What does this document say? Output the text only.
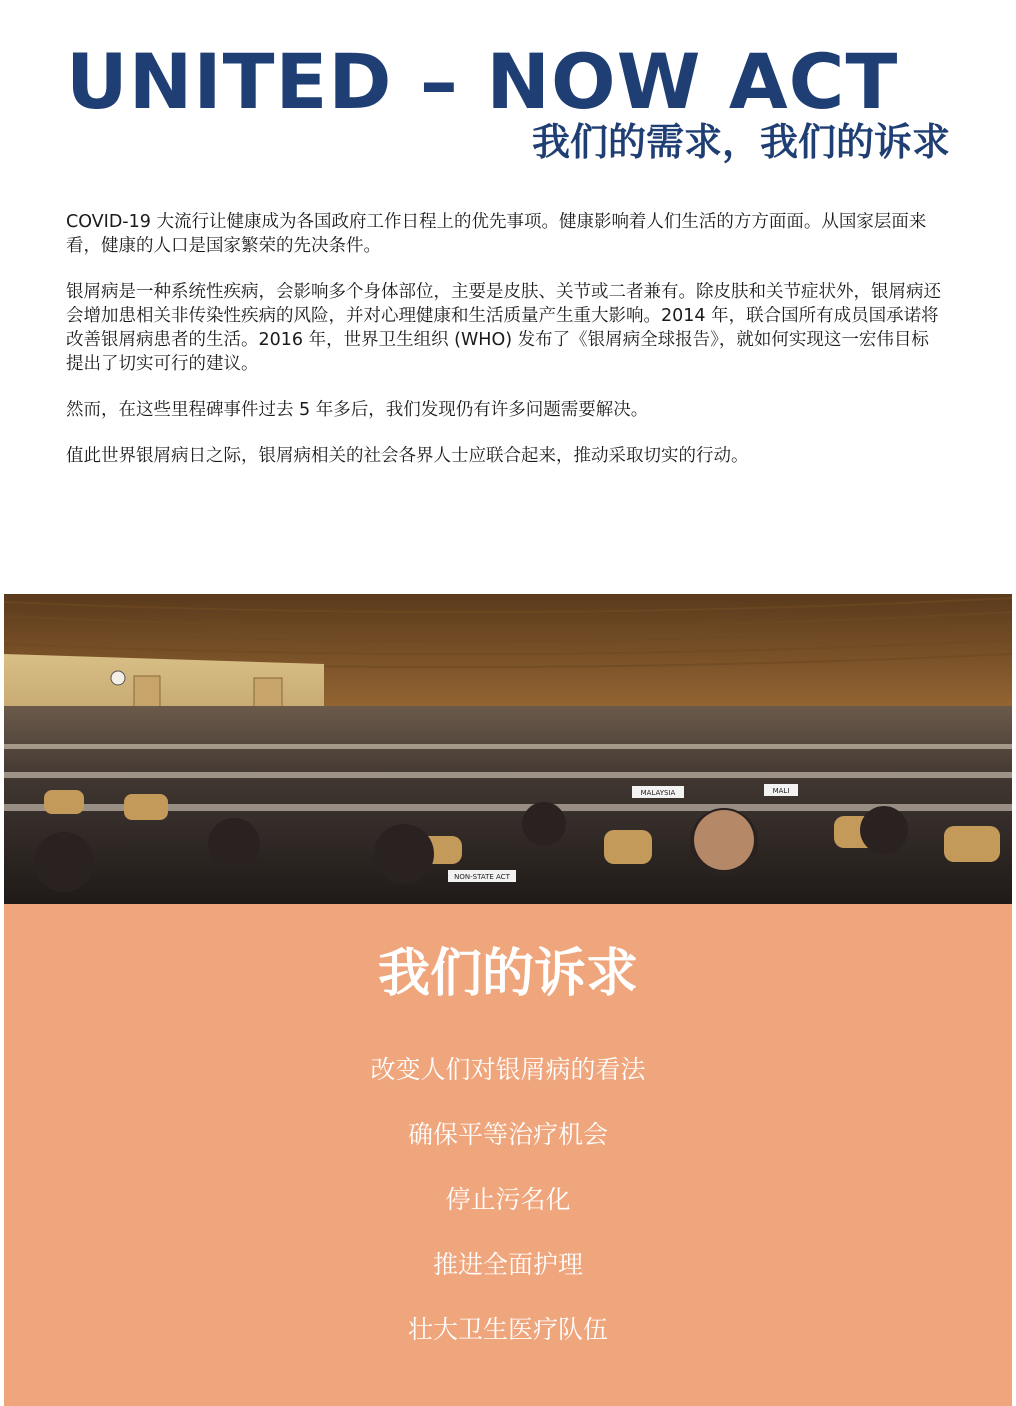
UNITED – NOW ACT
我们的需求，我们的诉求

COVID-19 大流行让健康成为各国政府工作日程上的优先事项。健康影响着人们生活的方方面面。从国家层面来看，健康的人口是国家繁荣的先决条件。

银屑病是一种系统性疾病，会影响多个身体部位，主要是皮肤、关节或二者兼有。除皮肤和关节症状外，银屑病还会增加患相关非传染性疾病的风险，并对心理健康和生活质量产生重大影响。2014 年，联合国所有成员国承诺将改善银屑病患者的生活。2016 年，世界卫生组织 (WHO) 发布了《银屑病全球报告》，就如何实现这一宏伟目标提出了切实可行的建议。

然而，在这些里程碑事件过去 5 年多后，我们发现仍有许多问题需要解决。

值此世界银屑病日之际，银屑病相关的社会各界人士应联合起来，推动采取切实的行动。

MALAYSIA	MALI
NON-STATE ACT
我们的诉求
改变人们对银屑病的看法
确保平等治疗机会
停止污名化
推进全面护理
壮大卫生医疗队伍
